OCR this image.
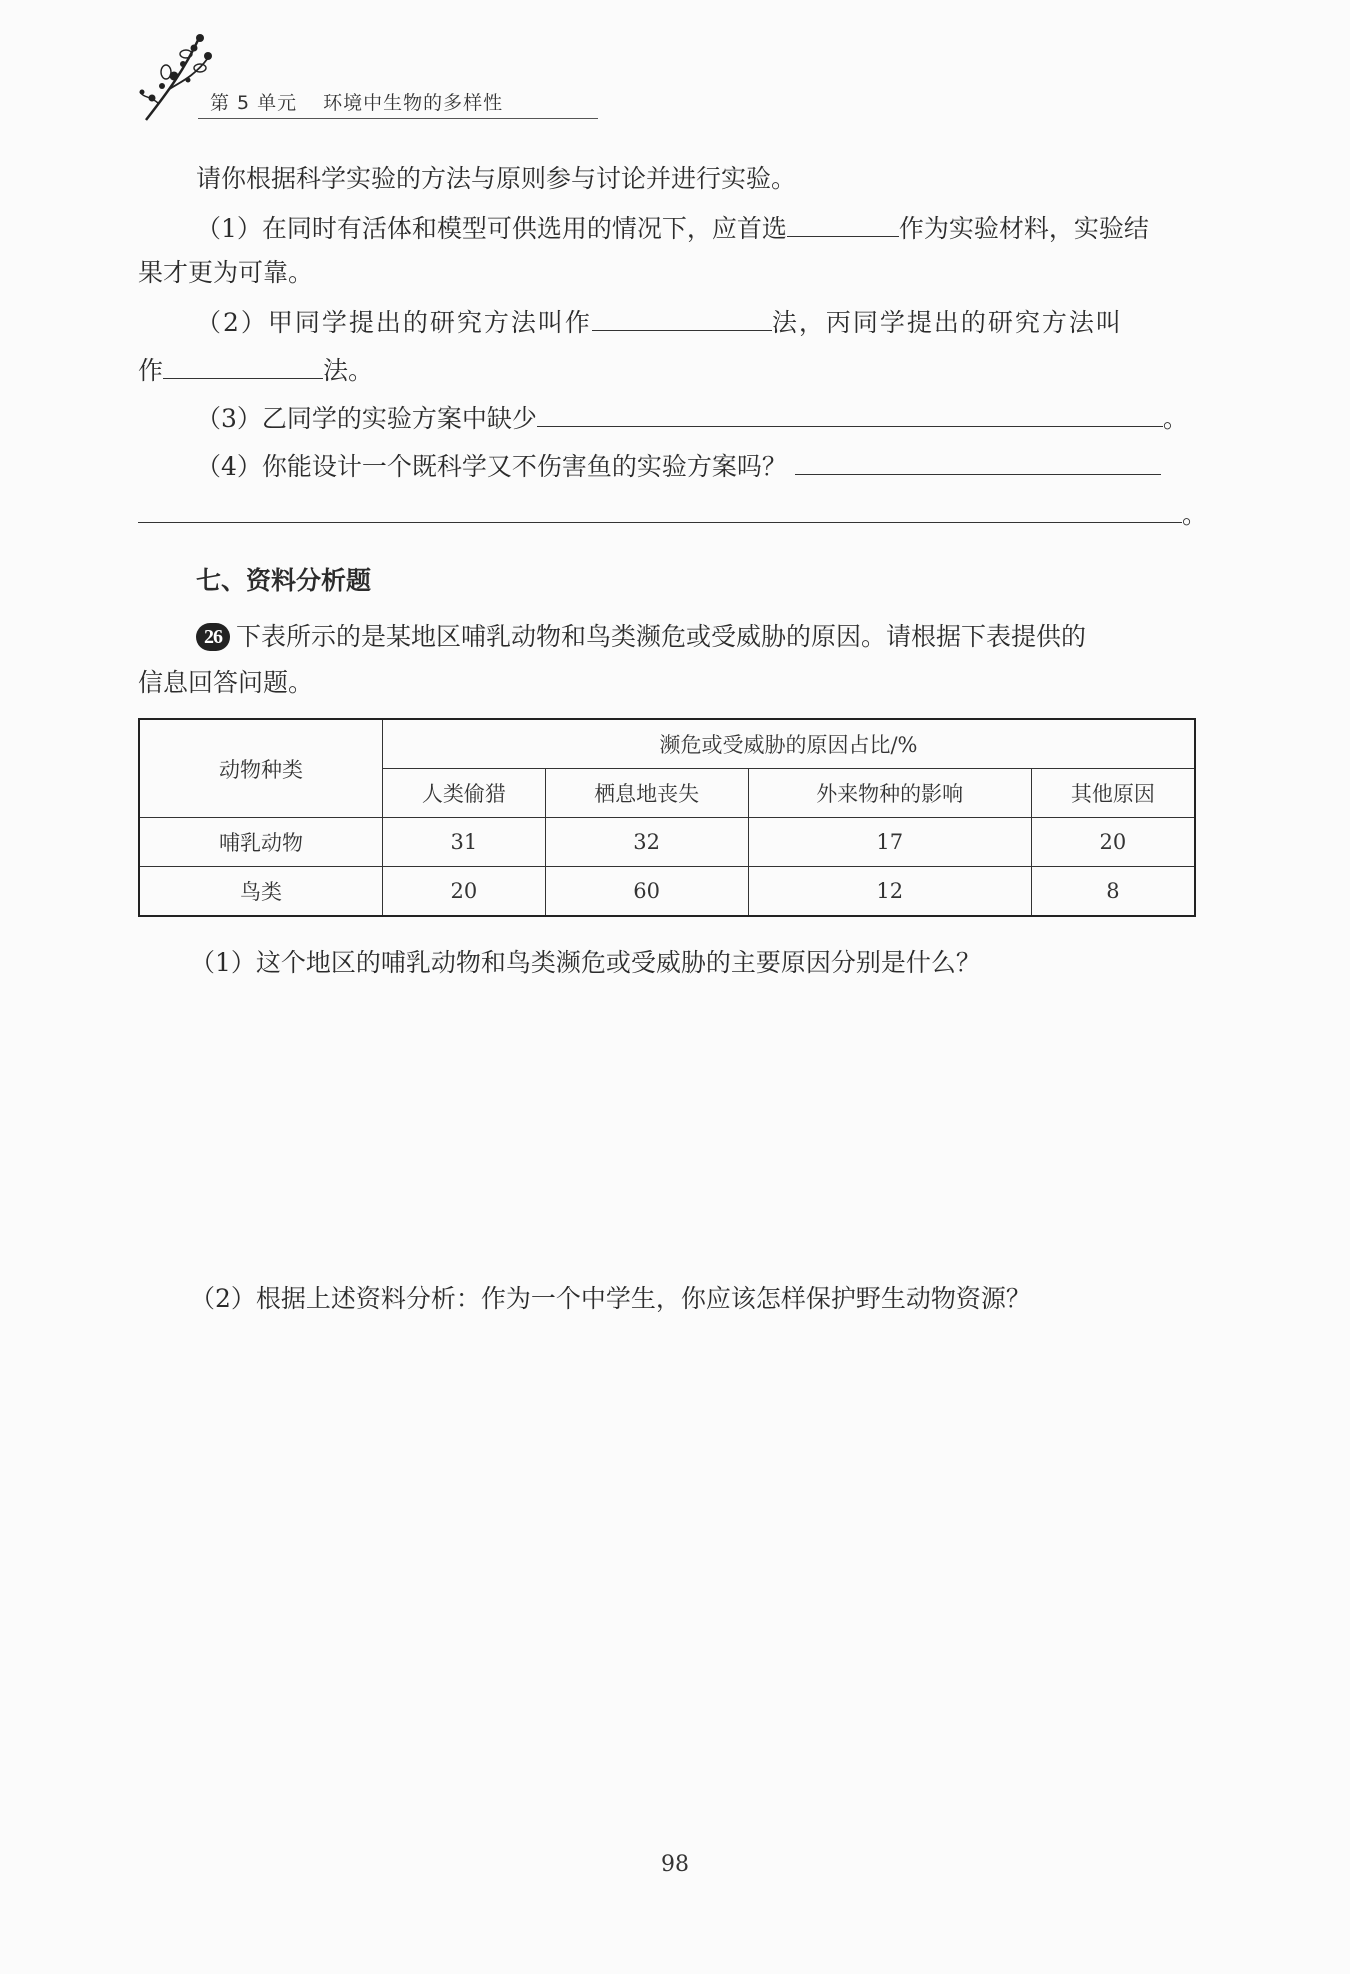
第 5 单元 环境中生物的多样性
请你根据科学实验的方法与原则参与讨论并进行实验。
（1）在同时有活体和模型可供选用的情况下，应首选	作为实验材料，实验结
果才更为可靠。
（2）甲同学提出的研究方法叫作	法，丙同学提出的研究方法叫
作	法。
（3）乙同学的实验方案中缺少	。
（4）你能设计一个既科学又不伤害鱼的实验方案吗？
。
七、资料分析题
26 下表所示的是某地区哺乳动物和鸟类濒危或受威胁的原因。请根据下表提供的
信息回答问题。
动物种类	濒危或受威胁的原因占比/%			
	人类偷猎	栖息地丧失	外来物种的影响	其他原因
哺乳动物	31	32	17	20
鸟类	20	60	12	8
（1）这个地区的哺乳动物和鸟类濒危或受威胁的主要原因分别是什么？
（2）根据上述资料分析：作为一个中学生，你应该怎样保护野生动物资源？
98
